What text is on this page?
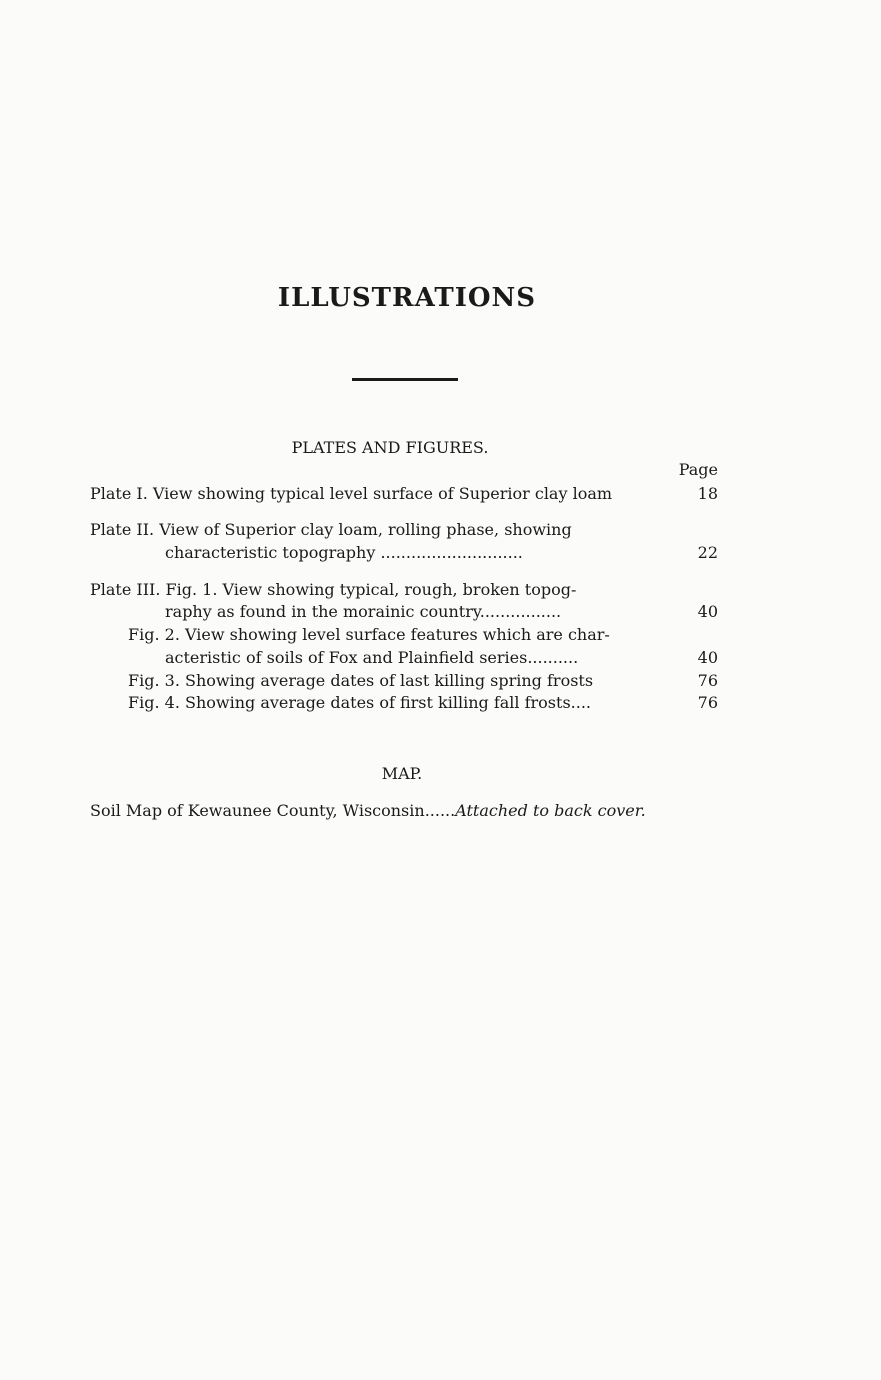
ILLUSTRATIONS
PLATES AND FIGURES.
Page
Plate I. View showing typical level surface of Superior clay loam	18
Plate II. View of Superior clay loam, rolling phase, showing
characteristic topography ............................	22
Plate III. Fig. 1. View showing typical, rough, broken topog-
raphy as found in the morainic country................	40
Fig. 2. View showing level surface features which are char-
acteristic of soils of Fox and Plainfield series..........	40
Fig. 3. Showing average dates of last killing spring frosts	76
Fig. 4. Showing average dates of first killing fall frosts....	76
MAP.
Soil Map of Kewaunee County, Wisconsin......Attached to back cover.
